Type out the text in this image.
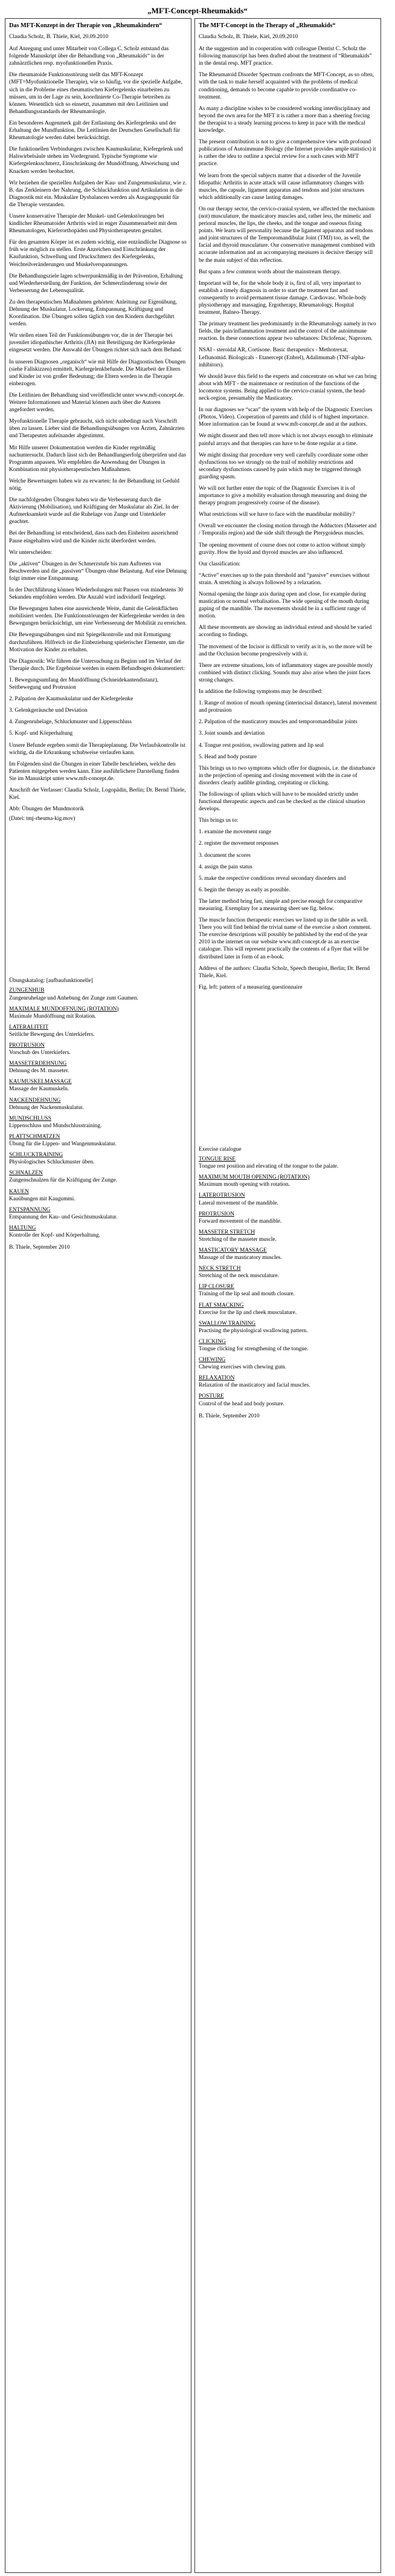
„MFT-Concept-Rheumakids“
Das MFT-Konzept in der Therapie von „Rheumakindern“
Claudia Scholz, B. Thiele, Kiel, 20.09.2010
Auf Anregung und unter Mitarbeit von Collega C. Scholz entstand das folgende Manuskript über die Behandlung von „Rheumakids“ in der zahnärztlichen resp. myofunktionellen Praxis.
Die rheumatoide Funktionsstörung stellt das MFT-Konzept (MFT=Myofunktionelle Therapie), wie so häufig, vor die spezielle Aufgabe, sich in die Probleme eines rheumatischen Kiefergelenks einarbeiten zu müssen, um in der Lage zu sein, koordinierte Co-Therapie betreiben zu können. Wesentlich sich so einsetzt, zusammen mit den Leitlinien und Behandlungsstandards der Rheumatologie.
Ein besonderes Augenmerk galt der Entlastung des Kiefergelenks und der Erhaltung der Mundfunktion. Die Leitlinien der Deutschen Gesellschaft für Rheumatologie werden dabei berücksichtigt.
Die funktionellen Verbindungen zwischen Kaumuskulatur, Kiefergelenk und Halswirbelsäule stehen im Vordergrund. Typische Symptome wie Kiefergelenksschmerz, Einschränkung der Mundöffnung, Abweichung und Knacken werden beobachtet.
Wir beziehen die speziellen Aufgaben der Kau- und Zungenmuskulatur, wie z. B. das Zerkleinern der Nahrung, die Schluckfunktion und Artikulation in die Diagnostik mit ein. Muskuläre Dysbalancen werden als Ausgangspunkt für die Therapie verstanden.
Unsere konservative Therapie der Muskel- und Gelenkstörungen bei kindlicher Rheumatoider Arthritis wird in enger Zusammenarbeit mit dem Rheumatologen, Kieferorthopäden und Physiotherapeuten gestaltet.
Für den gesamten Körper ist es zudem wichtig, eine entzündliche Diagnose so früh wie möglich zu stellen. Erste Anzeichen sind Einschränkung der Kaufunktion, Schwellung und Druckschmerz des Kiefergelenks, Weichteilveränderungen und Muskelverspannungen.
Die Behandlungsziele lagen schwerpunktmäßig in der Prävention, Erhaltung und Wiederherstellung der Funktion, der Schmerzlinderung sowie der Verbesserung der Lebensqualität.
Zu den therapeutischen Maßnahmen gehörten: Anleitung zur Eigenübung, Dehnung der Muskulatur, Lockerung, Entspannung, Kräftigung und Koordination. Die Übungen sollen täglich von den Kindern durchgeführt werden.
Wir stellen einen Teil der Funktionsübungen vor, die in der Therapie bei juveniler idiopathischer Arthritis (JIA) mit Beteiligung der Kiefergelenke eingesetzt werden. Die Auswahl der Übungen richtet sich nach dem Befund.
In unseren Diagnosen „organisch“ wie mit Hilfe der Diagnostischen Übungen (siehe Fallskizzen) ermittelt, Kiefergelenkbefunde. Die Mitarbeit der Eltern und Kinder ist von großer Bedeutung; die Eltern werden in die Therapie einbezogen.
Die Leitlinien der Behandlung sind veröffentlicht unter www.mft-concept.de. Weitere Informationen und Material können auch über die Autoren angefordert werden.
Myofunktionelle Therapie gebraucht, sich nicht unbedingt nach Vorschrift üben zu lassen. Lieber sind die Behandlungsübungen von Ärzten, Zahnärzten und Therapeuten aufeinander abgestimmt.
Mit Hilfe unserer Dokumentation werden die Kinder regelmäßig nachuntersucht. Dadurch lässt sich der Behandlungserfolg überprüfen und das Programm anpassen. Wir empfehlen die Anwendung der Übungen in Kombination mit physiotherapeutischen Maßnahmen.
Welche Bewertungen haben wir zu erwarten: In der Behandlung ist Geduld nötig.
Die nachfolgenden Übungen haben wir die Verbesserung durch die Aktivierung (Mobilisation), und Kräftigung der Muskulatur als Ziel. In der Aufmerksamkeit wurde auf die Ruhelage von Zunge und Unterkiefer geachtet.
Bei der Behandlung ist entscheidend, dass nach den Einheiten ausreichend Pause eingehalten wird und die Kinder nicht überfordert werden.
Wir unterscheiden:
Die „aktiven“ Übungen in der Schmerzstufe bis zum Auftreten von Beschwerden und die „passiven“ Übungen ohne Belastung. Auf eine Dehnung folgt immer eine Entspannung.
In der Durchführung können Wiederholungen mit Pausen von mindestens 30 Sekunden empfohlen werden. Die Anzahl wird individuell festgelegt.
Die Bewegungen haben eine ausreichende Weite, damit die Gelenkflächen mobilisiert werden. Die Funktionsstörungen der Kiefergelenke werden in den Bewegungen berücksichtigt, um eine Verbesserung der Mobilität zu erreichen.
Die Bewegungsübungen sind mit Spiegelkontrolle und mit Ermutigung durchzuführen. Hilfreich ist die Einbeziehung spielerischer Elemente, um die Motivation der Kinder zu erhalten.
Die Diagnostik: Wir führen die Untersuchung zu Beginn und im Verlauf der Therapie durch. Die Ergebnisse werden in einem Befundbogen dokumentiert:
1. Bewegungsumfang der Mundöffnung (Schneidekantendistanz), Seitbewegung und Protrusion
2. Palpation der Kaumuskulatur und der Kiefergelenke
3. Gelenkgeräusche und Deviation
4. Zungenruhelage, Schluckmuster und Lippenschluss
5. Kopf- und Körperhaltung
Unsere Befunde ergeben somit die Therapieplanung. Die Verlaufskontrolle ist wichtig, da die Erkrankung schubweise verlaufen kann.
Im Folgenden sind die Übungen in einer Tabelle beschrieben, welche den Patienten mitgegeben werden kann. Eine ausführlichere Darstellung finden Sie im Manuskript unter www.mft-concept.de.
Anschrift der Verfasser: Claudia Scholz, Logopädin, Berlin; Dr. Bernd Thiele, Kiel.
Abb: Übungen der Mundmotorik
(Datei: tmj-rheuma-kig.mov)
Übungskatalog: [aufbaufunktionelle]
ZUNGENHUB
Zungenruhelage und Anhebung der Zunge zum Gaumen.
MAXIMALE MUNDOFFNUNG (ROTATION)
Maximale Mundöffnung mit Rotation.
LATERALITEIT
Seitliche Bewegung des Unterkiefers.
PROTRUSION
Vorschub des Unterkiefers.
MASSETERDEHNUNG
Dehnung des M. masseter.
KAUMUSKELMASSAGE
Massage der Kaumuskeln.
NACKENDEHNUNG
Dehnung der Nackenmuskulatur.
MUNDSCHLUSS
Lippenschluss und Mundschlusstraining.
PLATTSCHMATZEN
Übung für die Lippen- und Wangenmuskulatur.
SCHLUCKTRAINING
Physiologisches Schluckmuster üben.
SCHNALZEN
Zungenschnalzen für die Kräftigung der Zunge.
KAUEN
Kauübungen mit Kaugummi.
ENTSPANNUNG
Entspannung der Kau- und Gesichtsmuskulatur.
HALTUNG
Kontrolle der Kopf- und Körperhaltung.
B. Thiele, September 2010
The MFT-Concept in the Therapy of „Rheumakids“
Claudia Scholz, B. Thiele, Kiel, 20.09.2010
At the suggestion and in cooperation with colleague Dentist C. Scholz the following manuscript has been drafted about the treatment of “Rheumakids” in the dental resp. MFT practice.
The Rheumatoid Disorder Spectrum confronts the MFT-Concept, as so often, with the task to make herself acquainted with the problems of medical conditioning, demands to become capable to provide coordinative co-treatment.
As many a discipline wishes to be considered working interdisciplinary and beyond the own area for the MFT it is rather a more than a sheering forcing the therapist to a steady learning process to keep in pace with the medical knowledge.
The present contribution is not to give a comprehensive view with profound publications of Autoimmune Biology (the Internet provides ample statistics) it is rather the idea to outline a special review for a such cases with MFT practice.
We learn from the special subjects matter that a disorder of the Juvenile Idiopathic Arthritis in acute attack will cause inflammatory changes with muscles, the capsule, ligament apparatus and tendons and joint structures which additionally can cause lasting damages.
On our therapy sector, the cervico-cranial system, we affected the mechanism (not) musculature, the masticatory muscles and, rather less, the mimetic and perioral muscles, the lips, the cheeks, and the tongue and osseous fixing points. We learn will personality because the ligament apparatus and tendons and joint structures of the Temporomandibular Joint (TMJ) too, as well, the facial and thyroid musculature. Our conservative management combined with accurate information and an accompanying measures is decisive therapy will be the main subject of this reflection.
But spans a few common words about the mainstream therapy.
Important will be, for the whole body it is, first of all, very important to establish a timely diagnosis in order to start the treatment fast and consequently to avoid permanent tissue damage. Cardiovasc. Whole-body physiotherapy and massaging, Ergotherapy, Rheumatology, Hospital treatment, Balneo-Therapy.
The primary treatment lies predominantly in the Rheumatology namely in two fields, the pain/inflammation treatment and the control of the autoimmune reaction. In these connections appear two substances: Diclofenac, Naproxen.
NSAI - steroidal AR, Cortisone. Basic therapeutics - Methotrexat, Leflunomid. Biologicals - Etanercept (Enbrel), Adalimumab (TNF-alpha-inhibitors).
We should leave this field to the experts and concentrate on what we can bring about with MFT - the maintenance or restitution of the functions of the locomotor systems. Being applied to the cervico-cranial system, the head-neck-region, presumably the Masticatory.
In our diagnoses we “scan” the system with help of the Diagnostic Exercises (Photos, Video). Cooperation of parents and child is of highest importance. More information can be found at www.mft-concept.de and at the authors.
We might dissent and then tell more which is not always enough to eliminate painful arrays and that therapies can have to be done regular at a time.
We might dissing that procedure very well carefully coordinate some other dysfunctions too we strongly on the trail of mobility restrictions and secondary dysfunctions caused by pain which may be triggered through guarding spasm.
We will not further enter the topic of the Diagnostic Exercises it is of importance to give a mobility evaluation through measuring and doing the therapy program progressively course of the disease).
What restrictions will we have to face with the mandibular mobility?
Overall we encounter the closing motion through the Adductors (Masseter and / Temporalis region) and the side shift through the Pterygoideus muscles.
The opening movement of course does not come to action without simply gravity. How the hyoid and thyroid muscles are also influenced.
Our classification:
“Active” exercises up to the pain threshold and “passive” exercises without strain. A stretching is always followed by a relaxation.
Normal opening the hinge axis during open and close, for example during mastication or normal verbalisation. The wide opening of the mouth during gaping of the mandible. The movements should be in a sufficient range of motion.
All these movements are showing an individual extend and should be varied according to findings.
The movement of the Incisor is difficult to verify as it is, so the more will be and the Occlusion become progressively with it.
There are extreme situations, lots of inflammatory stages are possible mostly combined with distinct clicking. Sounds may also arise when the joint faces strong changes.
In addition the following symptoms may be described:
1. Range of motion of mouth opening (interincisal distance), lateral movement and protrusion
2. Palpation of the masticatory muscles and temporomandibular joints
3. Joint sounds and deviation
4. Tongue rest position, swallowing pattern and lip seal
5. Head and body posture
This brings us to two symptoms which offer for diagnosis, i.e. the disturbance in the projection of opening and closing movement with the in case of disorders clearly audible grinding, crepitating or clicking.
The followings of splints which will have to be moulded strictly under functional therapeutic aspects and can be checked as the clinical situation develops.
This brings us to:
1. examine the movement range
2. register the movement responses
3. document the scores
4. assign the pain status
5. make the respective conditions reveal secondary disorders and
6. begin the therapy as early as possible.
The latter method bring fast, simple and precise enough for comparative measuring. Exemplary for a measuring sheet see fig. below.
The muscle function therapeutic exercises we listed up in the table as well. There you will find behind the trivial name of the exercise a short comment. The exercise descriptions will possibly be published by the end of the year 2010 in the internet on our website www.mft-concept.de as an exercise catalogue. This will represent practically the contents of a flyer that will be distributed later in form of an e-book.
Address of the authors: Claudia Scholz, Speech therapist, Berlin; Dr. Bernd Thiele, Kiel.
Fig. left: pattern of a measuring questionnaire
Exercise catalogue
TONGUE RISE
Tongue rest position and elevating of the tongue to the palate.
MAXIMUM MOUTH OPENING (ROTATION)
Maximum mouth opening with rotation.
LATEROTRUSION
Lateral movement of the mandible.
PROTRUSION
Forward movement of the mandible.
MASSETER STRETCH
Stretching of the masseter muscle.
MASTICATORY MASSAGE
Massage of the masticatory muscles.
NECK STRETCH
Stretching of the neck musculature.
LIP CLOSURE
Training of the lip seal and mouth closure.
FLAT SMACKING
Exercise for the lip and cheek musculature.
SWALLOW TRAINING
Practising the physiological swallowing pattern.
CLICKING
Tongue clicking for strengthening of the tongue.
CHEWING
Chewing exercises with chewing gum.
RELAXATION
Relaxation of the masticatory and facial muscles.
POSTURE
Control of the head and body posture.
B. Thiele, September 2010
